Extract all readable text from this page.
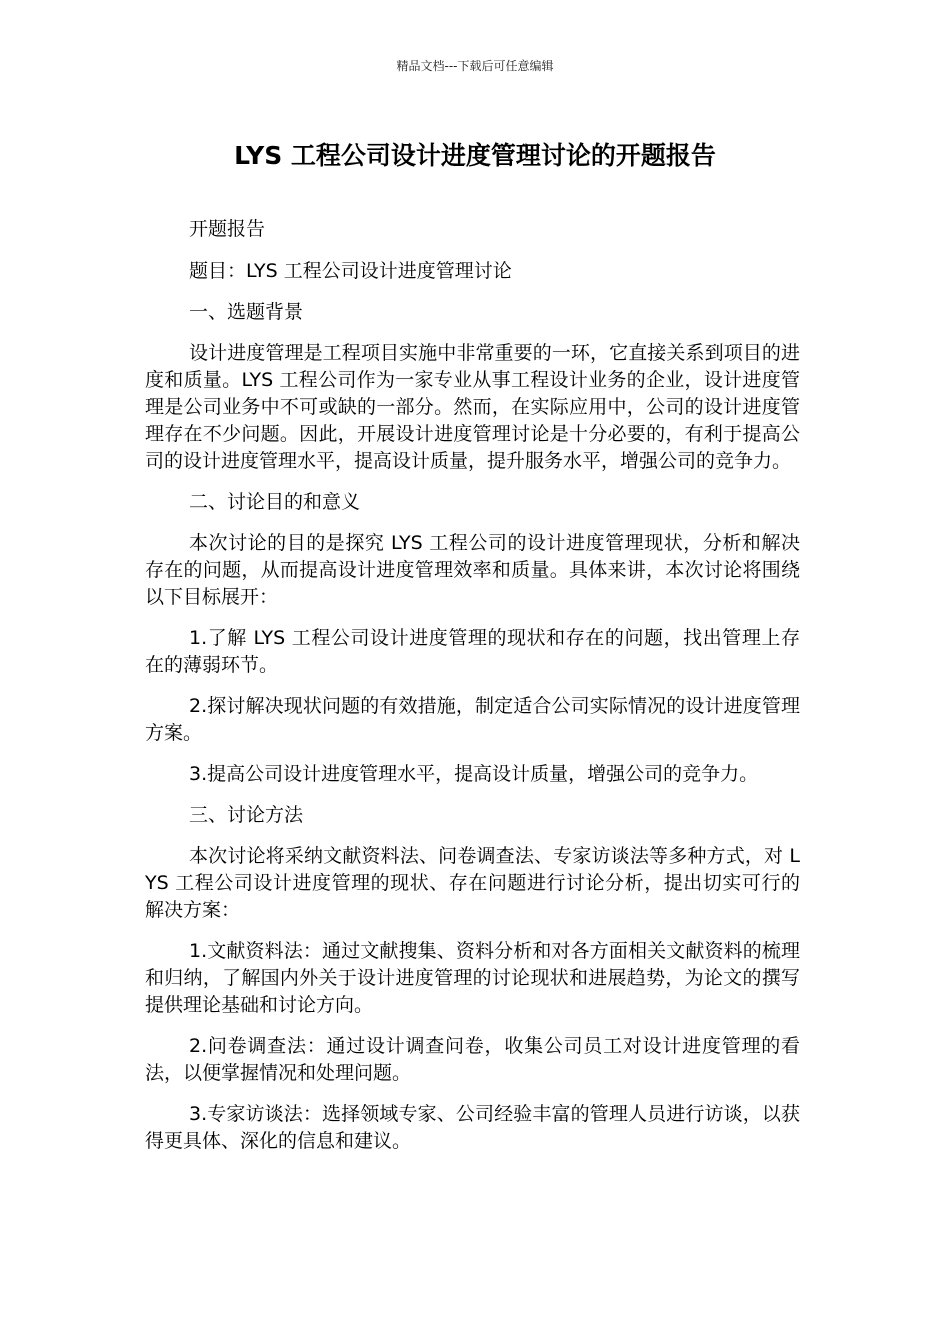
精品文档---下载后可任意编辑
LYS 工程公司设计进度管理讨论的开题报告

开题报告

题目：LYS 工程公司设计进度管理讨论

一、选题背景

设计进度管理是工程项目实施中非常重要的一环，它直接关系到项目的进度和质量。LYS 工程公司作为一家专业从事工程设计业务的企业，设计进度管理是公司业务中不可或缺的一部分。然而，在实际应用中，公司的设计进度管理存在不少问题。因此，开展设计进度管理讨论是十分必要的，有利于提高公司的设计进度管理水平，提高设计质量，提升服务水平，增强公司的竞争力。

二、讨论目的和意义

本次讨论的目的是探究 LYS 工程公司的设计进度管理现状，分析和解决存在的问题，从而提高设计进度管理效率和质量。具体来讲，本次讨论将围绕以下目标展开：

1.了解 LYS 工程公司设计进度管理的现状和存在的问题，找出管理上存在的薄弱环节。

2.探讨解决现状问题的有效措施，制定适合公司实际情况的设计进度管理方案。

3.提高公司设计进度管理水平，提高设计质量，增强公司的竞争力。

三、讨论方法

本次讨论将采纳文献资料法、问卷调查法、专家访谈法等多种方式，对 LYS 工程公司设计进度管理的现状、存在问题进行讨论分析，提出切实可行的解决方案：

1.文献资料法：通过文献搜集、资料分析和对各方面相关文献资料的梳理和归纳，了解国内外关于设计进度管理的讨论现状和进展趋势，为论文的撰写提供理论基础和讨论方向。

2.问卷调查法：通过设计调查问卷，收集公司员工对设计进度管理的看法，以便掌握情况和处理问题。

3.专家访谈法：选择领域专家、公司经验丰富的管理人员进行访谈，以获得更具体、深化的信息和建议。
